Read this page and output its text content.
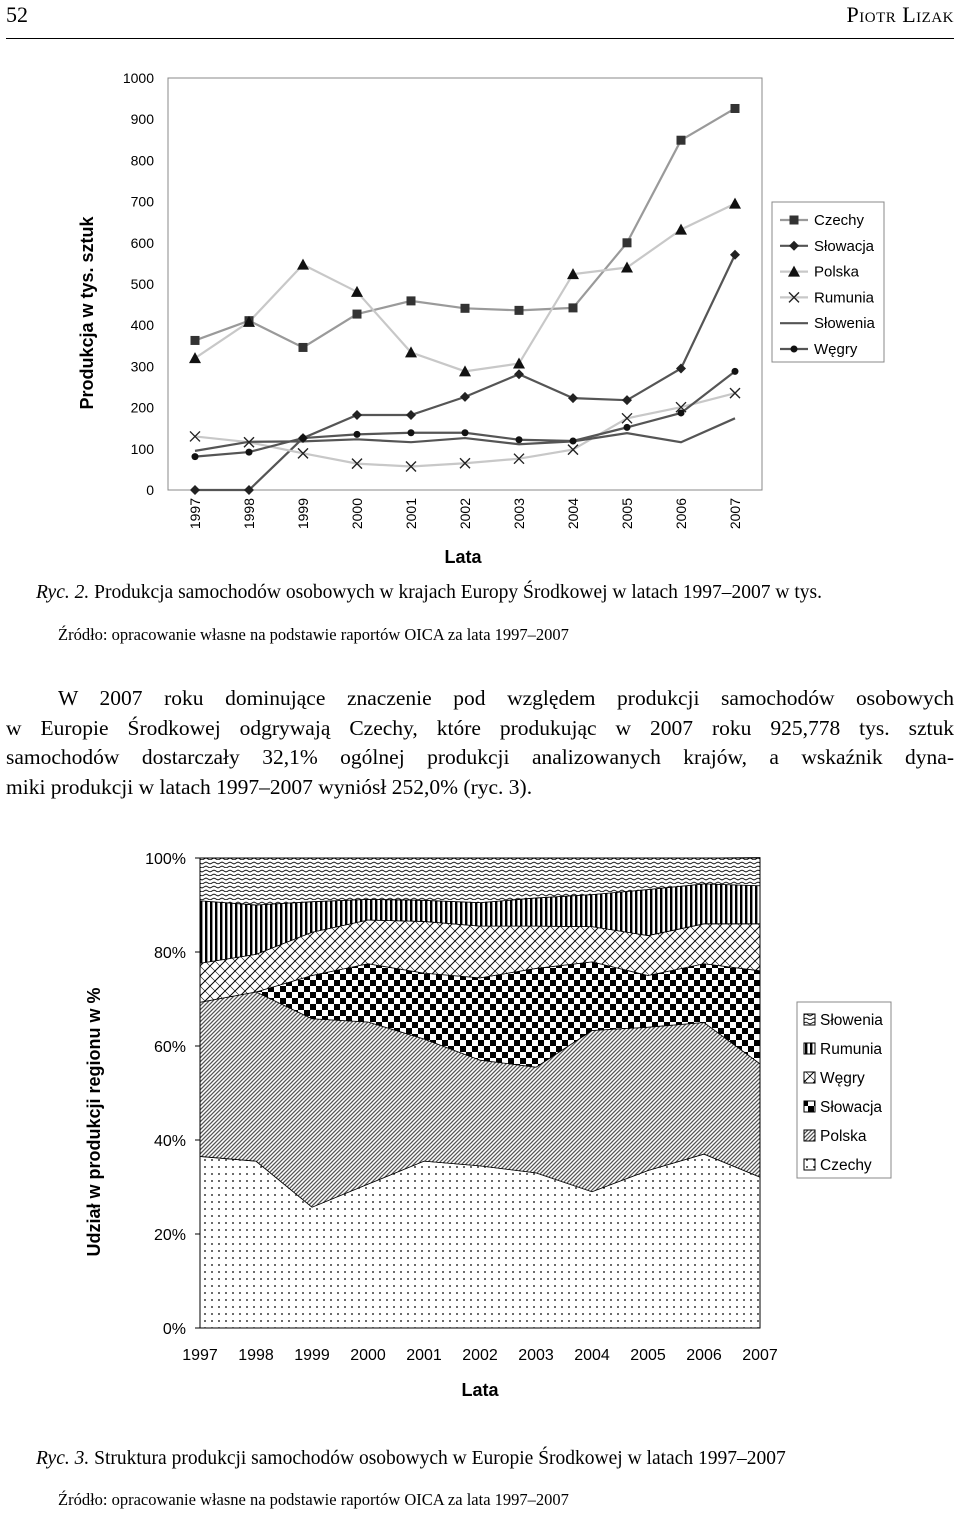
52	Piotr Lizak
0
100
200
300
400
500
600
700
800
900
1000
1997	1998	1999	2000	2001	2002	2003	2004	2005	2006	2007
Produkcja w tys. sztuk
Lata
Czechy
Słowacja
Polska
Rumunia
Słowenia
Węgry
Ryc. 2. Produkcja samochodów osobowych w krajach Europy Środkowej w latach 1997–2007 w tys.
Źródło: opracowanie własne na podstawie raportów OICA za lata 1997–2007
W 2007 roku dominujące znaczenie pod względem produkcji samochodów osobowych
w Europie Środkowej odgrywają Czechy, które produkując w 2007 roku 925,778 tys. sztuk
samochodów dostarczały 32,1% ogólnej produkcji analizowanych krajów, a wskaźnik dyna-
miki produkcji w latach 1997–2007 wyniósł 252,0% (ryc. 3).
0%
20%
40%
60%
80%
100%
1997 1998 1999 2000 2001 2002 2003 2004 2005 2006 2007
Udział w produkcji regionu w %
Lata
Słowenia
Rumunia
Węgry
Słowacja
Polska
Czechy
Ryc. 3. Struktura produkcji samochodów osobowych w Europie Środkowej w latach 1997–2007
Źródło: opracowanie własne na podstawie raportów OICA za lata 1997–2007
